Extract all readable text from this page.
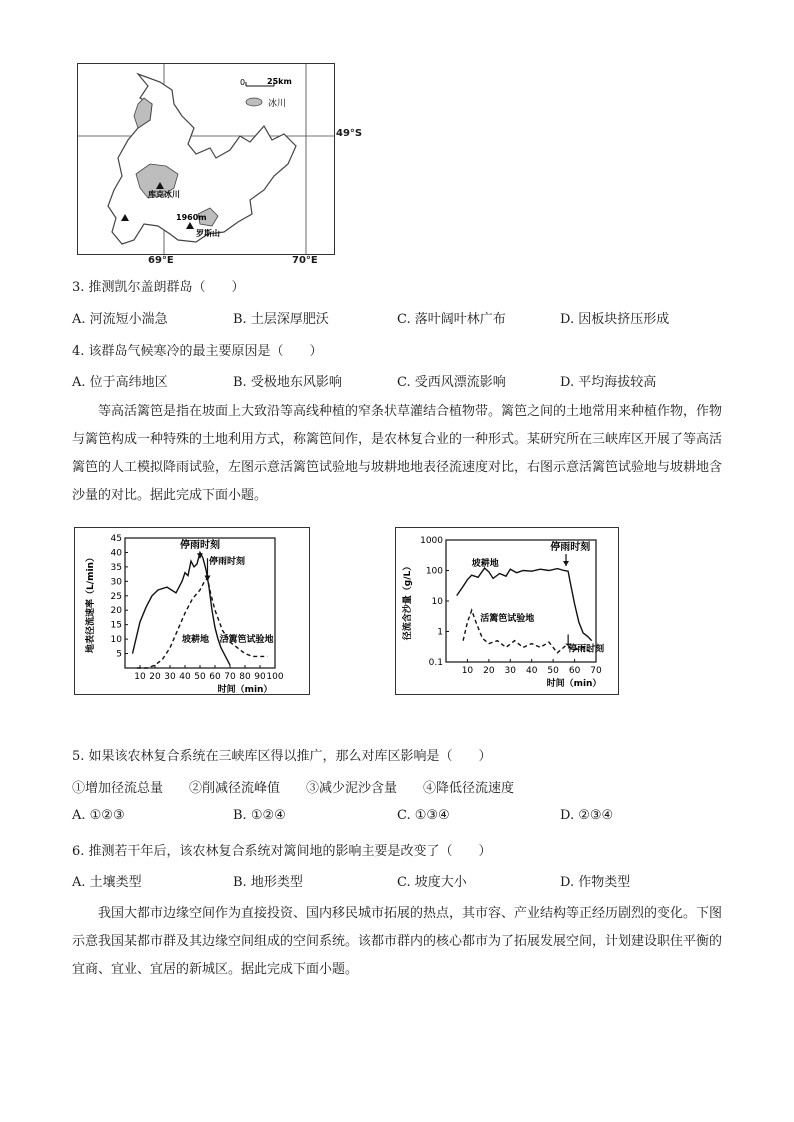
0	25km
冰川
库克冰川
1960m
罗斯山
49°S
69°E	70°E
3. 推测凯尔盖朗群岛（　　）
A. 河流短小湍急	B. 土层深厚肥沃	C. 落叶阔叶林广布	D. 因板块挤压形成
4. 该群岛气候寒冷的最主要原因是（　　）
A. 位于高纬地区	B. 受极地东风影响	C. 受西风漂流影响	D. 平均海拔较高
等高活篱笆是指在坡面上大致沿等高线种植的窄条状草灌结合植物带。篱笆之间的土地常用来种植作物，作物与篱笆构成一种特殊的土地利用方式，称篱笆间作，是农林复合业的一种形式。某研究所在三峡库区开展了等高活篱笆的人工模拟降雨试验，左图示意活篱笆试验地与坡耕地地表径流速度对比，右图示意活篱笆试验地与坡耕地含沙量的对比。据此完成下面小题。
5
10
15
20
25
30
35
40
45
10 20 30 40 50 60 70 80 90 100
时间（min）
地表径流速率（L/min）
停雨时刻
停雨时刻
坡耕地 活篱笆试验地
0.1
1
10
100
1000
10 20 30 40 50 60 70
时间（min）
径流含沙量（g/L）
停雨时刻
停雨时刻
坡耕地
活篱笆试验地
5. 如果该农林复合系统在三峡库区得以推广，那么对库区影响是（　　）
①增加径流总量　　②削减径流峰值　　③减少泥沙含量　　④降低径流速度
A. ①②③	B. ①②④	C. ①③④	D. ②③④
6. 推测若干年后，该农林复合系统对篱间地的影响主要是改变了（　　）
A. 土壤类型	B. 地形类型	C. 坡度大小	D. 作物类型
我国大都市边缘空间作为直接投资、国内移民城市拓展的热点，其市容、产业结构等正经历剧烈的变化。下图示意我国某都市群及其边缘空间组成的空间系统。该都市群内的核心都市为了拓展发展空间，计划建设职住平衡的宜商、宜业、宜居的新城区。据此完成下面小题。
